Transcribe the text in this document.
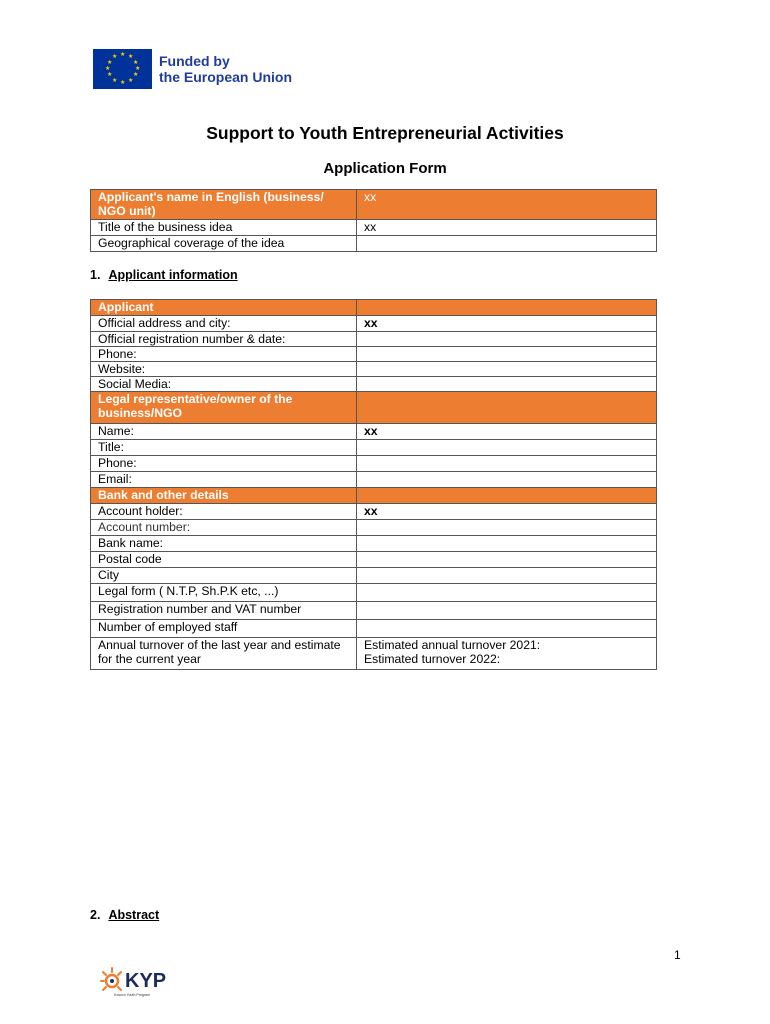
★ ★
★
★
★
★
★
★
★
★
★
★	Funded by
the European Union
Support to Youth Entrepreneurial Activities
Application Form
Applicant's name in English (business/ NGO unit)	xx
Title of the business idea	xx
Geographical coverage of the idea	
1. Applicant information
Applicant	
Official address and city:	xx
Official registration number & date:	
Phone:	
Website:	
Social Media:	
Legal representative/owner of the business/NGO	
Name:	xx
Title:	
Phone:	
Email:	
Bank and other details	
Account holder:	xx
Account number:	
Bank name:	
Postal code	
City	
Legal form ( N.T.P, Sh.P.K etc, ...)	
Registration number and VAT number	
Number of employed staff	
Annual turnover of the last year and estimate for the current year	Estimated annual turnover 2021:
Estimated turnover 2022:
2. Abstract
1
KYP
Kosovo Youth Program
